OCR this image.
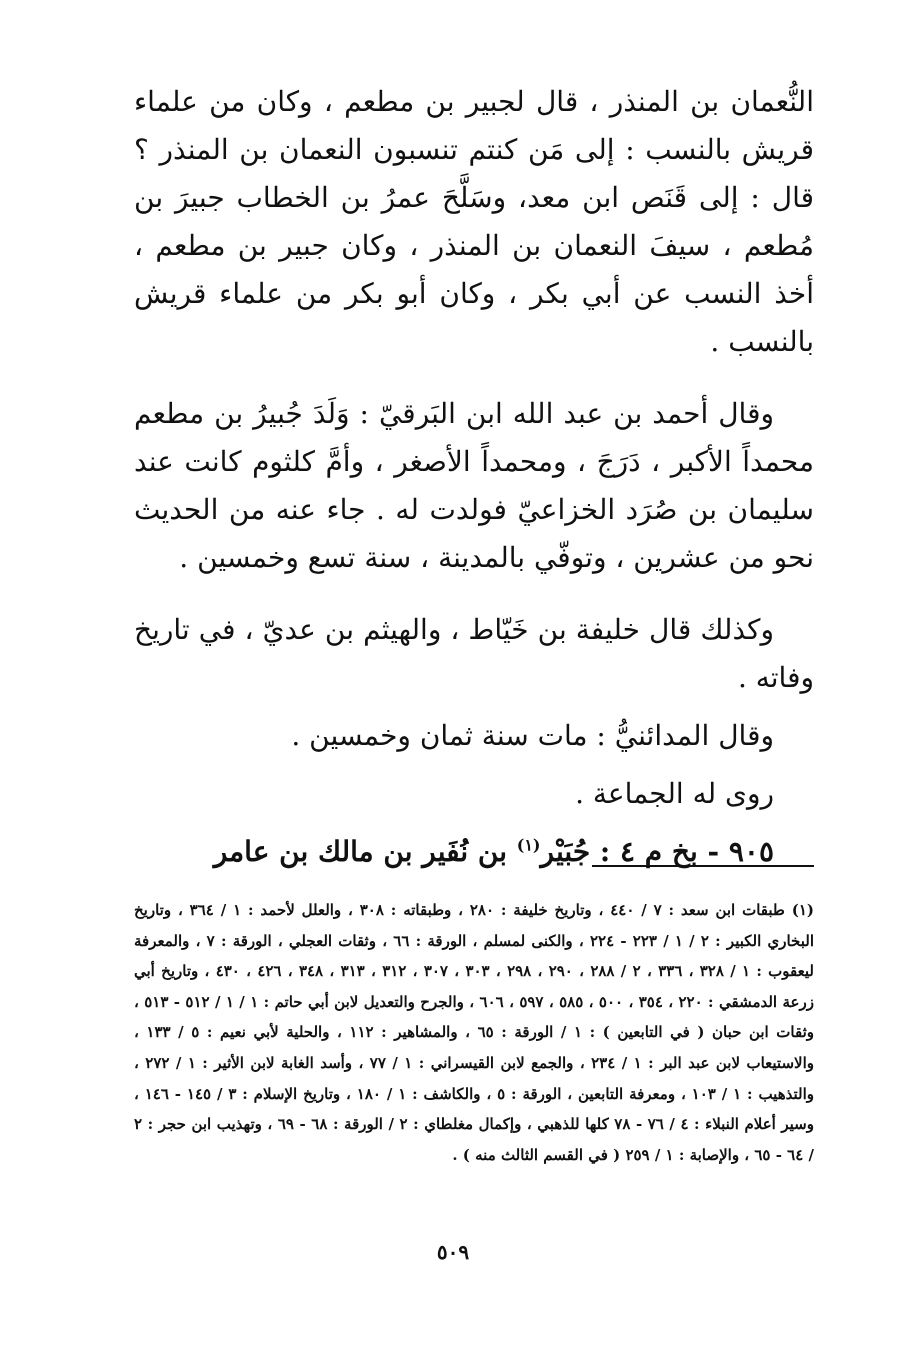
النُّعمان بن المنذر ، قال لجبير بن مطعم ، وكان من علماء قريش بالنسب : إلى مَن كنتم تنسبون النعمان بن المنذر ؟ قال : إلى قَنَص ابن معد، وسَلَّحَ عمرُ بن الخطاب جبيرَ بن مُطعم ، سيفَ النعمان بن المنذر ، وكان جبير بن مطعم ، أخذ النسب عن أبي بكر ، وكان أبو بكر من علماء قريش بالنسب .

وقال أحمد بن عبد الله ابن البَرقيّ : وَلَدَ جُبيرُ بن مطعم محمداً الأكبر ، دَرَجَ ، ومحمداً الأصغر ، وأمَّ كلثوم كانت عند سليمان بن صُرَد الخزاعيّ فولدت له . جاء عنه من الحديث نحو من عشرين ، وتوفّي بالمدينة ، سنة تسع وخمسين .

وكذلك قال خليفة بن خَيّاط ، والهيثم بن عديّ ، في تاريخ وفاته .

وقال المدائنيُّ : مات سنة ثمان وخمسين .

روى له الجماعة .

٩٠٥ - بخ م ٤ : جُبَيْر$^{(١)}$ بن نُفَير بن مالك بن عامر

(١) طبقات ابن سعد : ٧ / ٤٤٠ ، وتاريخ خليفة : ٢٨٠ ، وطبقاته : ٣٠٨ ، والعلل لأحمد : ١ / ٣٦٤ ، وتاريخ البخاري الكبير : ٢ / ١ / ٢٢٣ - ٢٢٤ ، والكنى لمسلم ، الورقة : ٦٦ ، وثقات العجلي ، الورقة : ٧ ، والمعرفة ليعقوب : ١ / ٣٢٨ ، ٣٣٦ ، ٢ / ٢٨٨ ، ٢٩٠ ، ٢٩٨ ، ٣٠٣ ، ٣٠٧ ، ٣١٢ ، ٣١٣ ، ٣٤٨ ، ٤٢٦ ، ٤٣٠ ، وتاريخ أبي زرعة الدمشقي : ٢٢٠ ، ٣٥٤ ، ٥٠٠ ، ٥٨٥ ، ٥٩٧ ، ٦٠٦ ، والجرح والتعديل لابن أبي حاتم : ١ / ١ / ٥١٢ - ٥١٣ ، وثقات ابن حبان ( في التابعين ) : ١ / الورقة : ٦٥ ، والمشاهير : ١١٢ ، والحلية لأبي نعيم : ٥ / ١٣٣ ، والاستيعاب لابن عبد البر : ١ / ٢٣٤ ، والجمع لابن القيسراني : ١ / ٧٧ ، وأسد الغابة لابن الأثير : ١ / ٢٧٢ ، والتذهيب : ١ / ١٠٣ ، ومعرفة التابعين ، الورقة : ٥ ، والكاشف : ١ / ١٨٠ ، وتاريخ الإسلام : ٣ / ١٤٥ - ١٤٦ ، وسير أعلام النبلاء : ٤ / ٧٦ - ٧٨ كلها للذهبي ، وإكمال مغلطاي : ٢ / الورقة : ٦٨ - ٦٩ ، وتهذيب ابن حجر : ٢ / ٦٤ - ٦٥ ، والإصابة : ١ / ٢٥٩ ( في القسم الثالث منه ) .

٥٠٩
